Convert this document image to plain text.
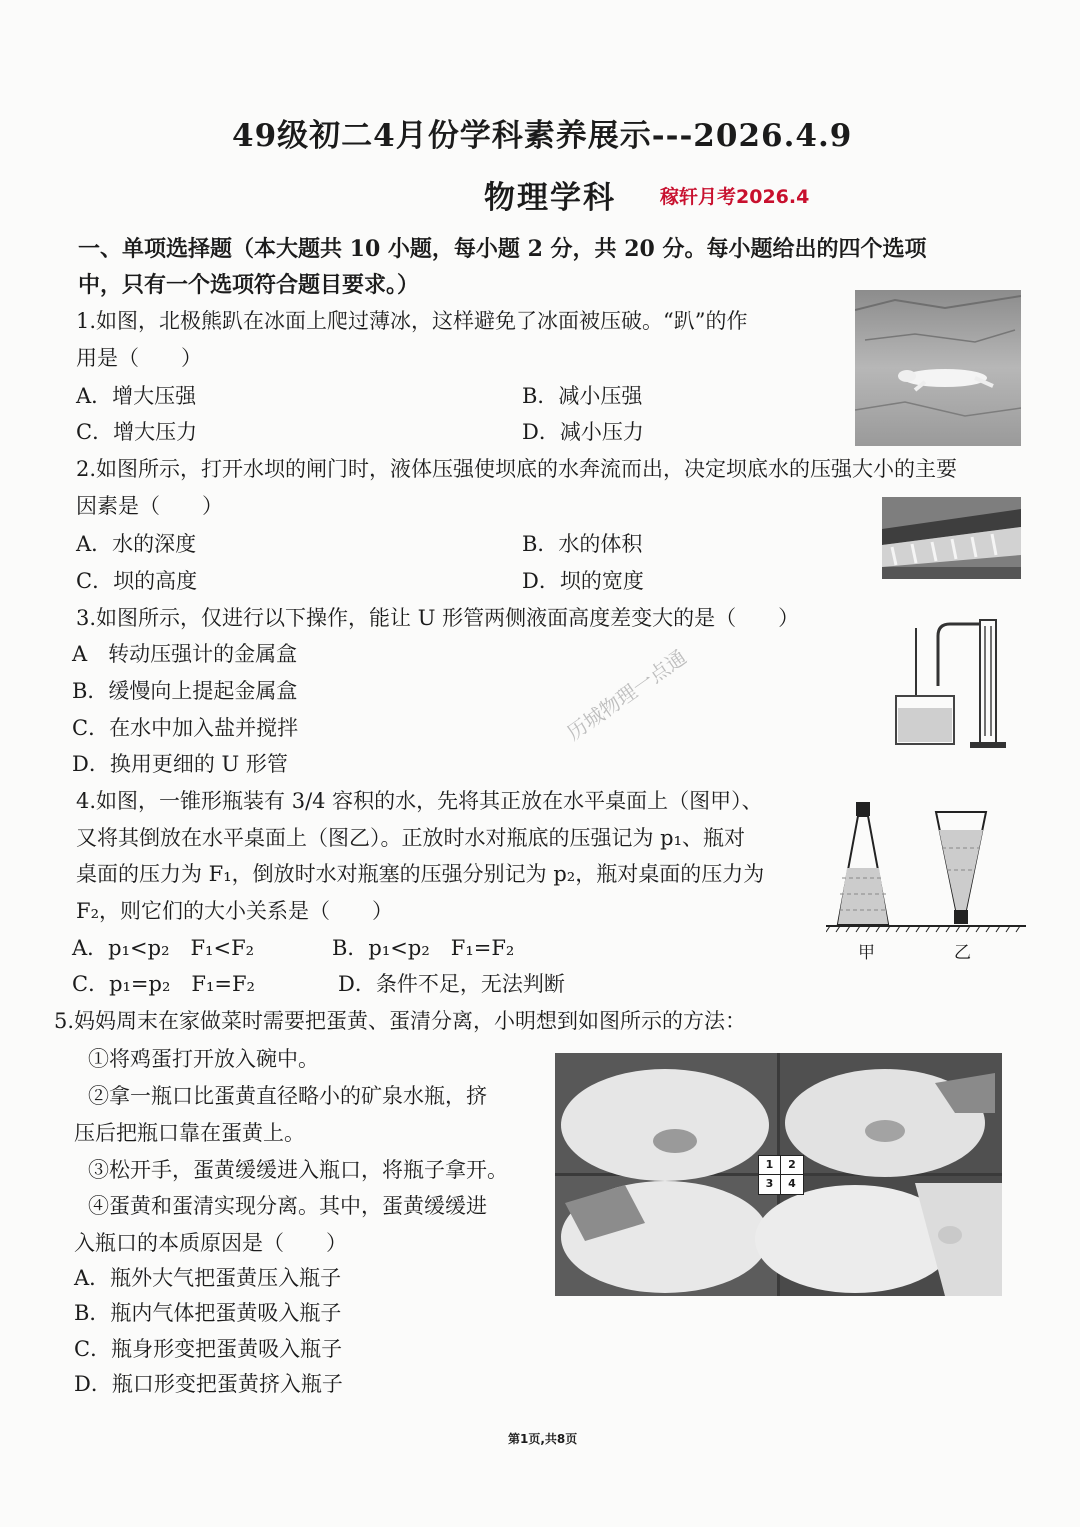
49级初二4月份学科素养展示---2026.4.9
物理学科 稼轩月考2026.4
一、单项选择题（本大题共 10 小题，每小题 2 分，共 20 分。每小题给出的四个选项
中，只有一个选项符合题目要求。）
1.如图，北极熊趴在冰面上爬过薄冰，这样避免了冰面被压破。“趴”的作
用是（　　）
A．增大压强	B．减小压强
C．增大压力	D．减小压力
2.如图所示，打开水坝的闸门时，液体压强使坝底的水奔流而出，决定坝底水的压强大小的主要
因素是（　　）
A．水的深度	B．水的体积
C．坝的高度	D．坝的宽度
3.如图所示，仅进行以下操作，能让 U 形管两侧液面高度差变大的是（　　）
A　转动压强计的金属盒
B．缓慢向上提起金属盒
C．在水中加入盐并搅拌
D．换用更细的 U 形管
历城物理一点通
4.如图，一锥形瓶装有 3/4 容积的水，先将其正放在水平桌面上（图甲）、
又将其倒放在水平桌面上（图乙）。正放时水对瓶底的压强记为 p₁、瓶对
桌面的压力为 F₁，倒放时水对瓶塞的压强分别记为 p₂，瓶对桌面的压力为
F₂，则它们的大小关系是（　　）
A．p₁<p₂　F₁<F₂	B．p₁<p₂　F₁=F₂
C．p₁=p₂　F₁=F₂	D．条件不足，无法判断
甲	乙
5.妈妈周末在家做菜时需要把蛋黄、蛋清分离，小明想到如图所示的方法：
①将鸡蛋打开放入碗中。
②拿一瓶口比蛋黄直径略小的矿泉水瓶，挤
压后把瓶口靠在蛋黄上。
③松开手，蛋黄缓缓进入瓶口，将瓶子拿开。
④蛋黄和蛋清实现分离。其中，蛋黄缓缓进
入瓶口的本质原因是（　　）
A．瓶外大气把蛋黄压入瓶子
B．瓶内气体把蛋黄吸入瓶子
C．瓶身形变把蛋黄吸入瓶子
D．瓶口形变把蛋黄挤入瓶子
1	2
3	4
第1页,共8页
